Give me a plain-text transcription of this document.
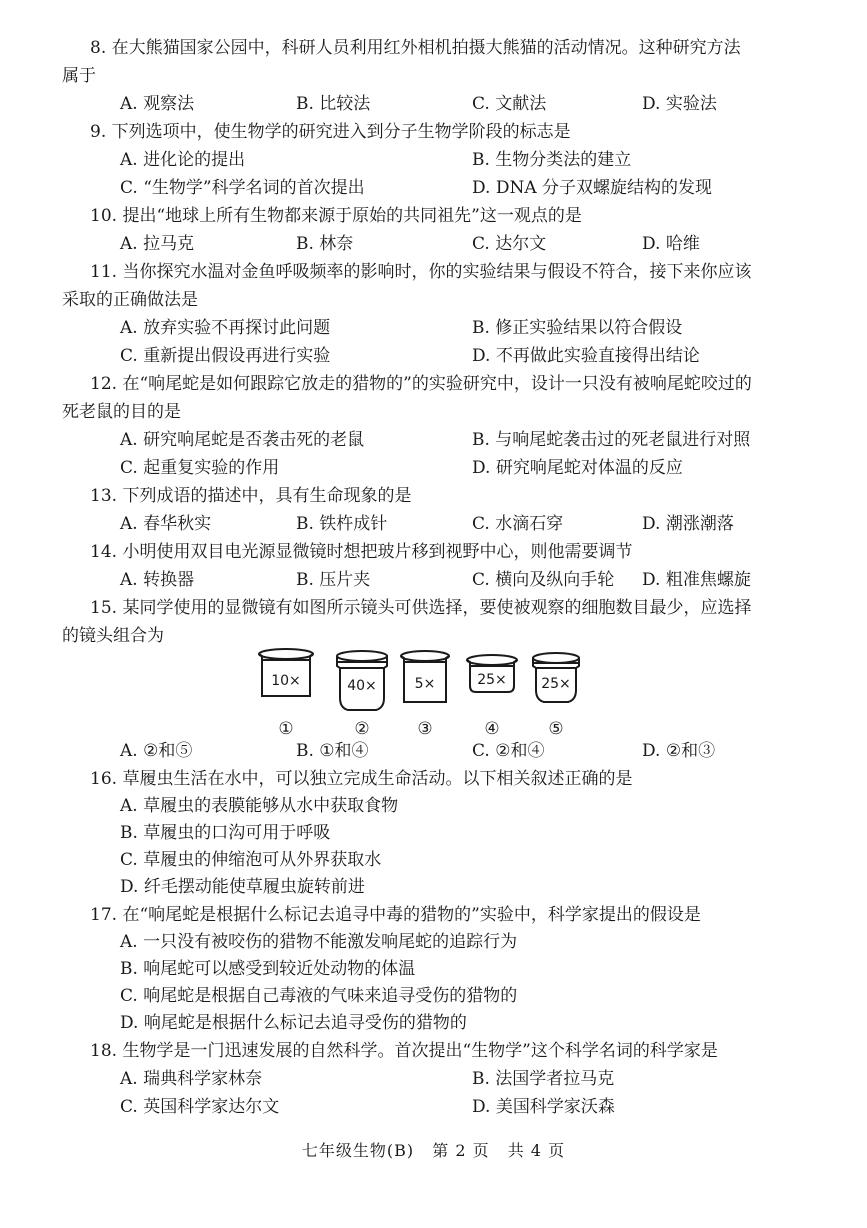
8. 在大熊猫国家公园中，科研人员利用红外相机拍摄大熊猫的活动情况。这种研究方法
属于
A. 观察法	B. 比较法	C. 文献法	D. 实验法
9. 下列选项中，使生物学的研究进入到分子生物学阶段的标志是
A. 进化论的提出	B. 生物分类法的建立
C. “生物学”科学名词的首次提出	D. DNA 分子双螺旋结构的发现
10. 提出“地球上所有生物都来源于原始的共同祖先”这一观点的是
A. 拉马克	B. 林奈	C. 达尔文	D. 哈维
11. 当你探究水温对金鱼呼吸频率的影响时，你的实验结果与假设不符合，接下来你应该
采取的正确做法是
A. 放弃实验不再探讨此问题	B. 修正实验结果以符合假设
C. 重新提出假设再进行实验	D. 不再做此实验直接得出结论
12. 在“响尾蛇是如何跟踪它放走的猎物的”的实验研究中，设计一只没有被响尾蛇咬过的
死老鼠的目的是
A. 研究响尾蛇是否袭击死的老鼠	B. 与响尾蛇袭击过的死老鼠进行对照
C. 起重复实验的作用	D. 研究响尾蛇对体温的反应
13. 下列成语的描述中，具有生命现象的是
A. 春华秋实	B. 铁杵成针	C. 水滴石穿	D. 潮涨潮落
14. 小明使用双目电光源显微镜时想把玻片移到视野中心，则他需要调节
A. 转换器	B. 压片夹	C. 横向及纵向手轮 D. 粗准焦螺旋
15. 某同学使用的显微镜有如图所示镜头可供选择，要使被观察的细胞数目最少，应选择
的镜头组合为
10×	40×	5×	25× 25×
①	②	③	④	⑤
A. ②和⑤	B. ①和④	C. ②和④	D. ②和③
16. 草履虫生活在水中，可以独立完成生命活动。以下相关叙述正确的是
A. 草履虫的表膜能够从水中获取食物
B. 草履虫的口沟可用于呼吸
C. 草履虫的伸缩泡可从外界获取水
D. 纤毛摆动能使草履虫旋转前进
17. 在“响尾蛇是根据什么标记去追寻中毒的猎物的”实验中，科学家提出的假设是
A. 一只没有被咬伤的猎物不能激发响尾蛇的追踪行为
B. 响尾蛇可以感受到较近处动物的体温
C. 响尾蛇是根据自己毒液的气味来追寻受伤的猎物的
D. 响尾蛇是根据什么标记去追寻受伤的猎物的
18. 生物学是一门迅速发展的自然科学。首次提出“生物学”这个科学名词的科学家是
A. 瑞典科学家林奈	B. 法国学者拉马克
C. 英国科学家达尔文	D. 美国科学家沃森
七年级生物(B) 第 2 页 共 4 页
